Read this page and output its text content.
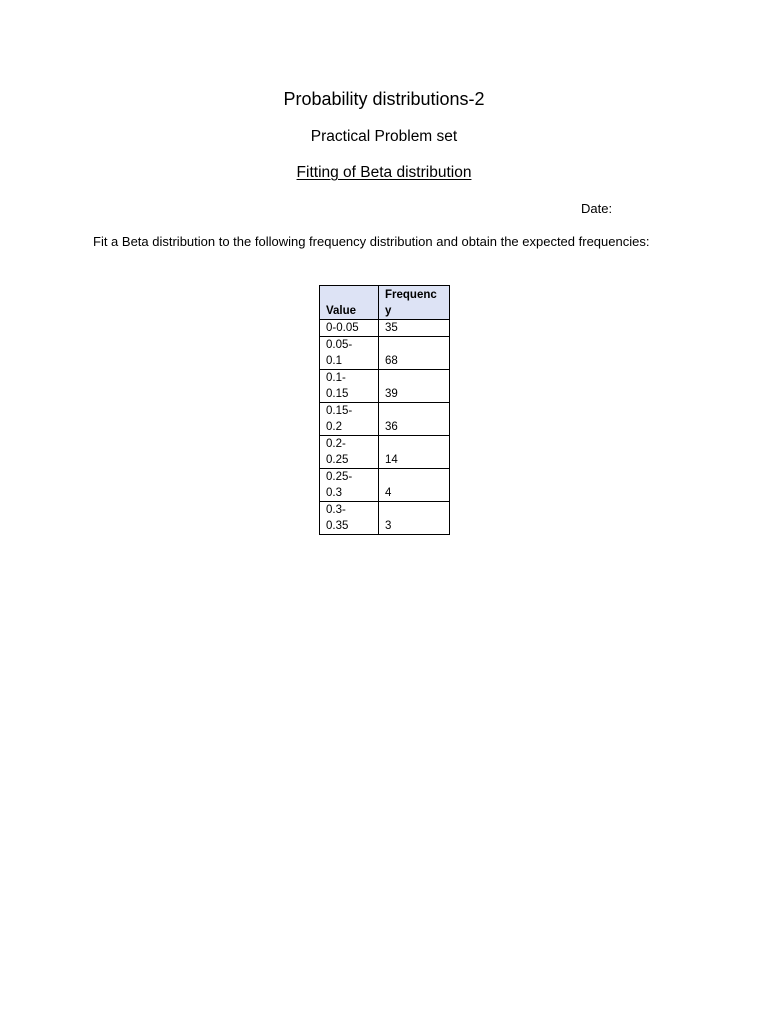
Probability distributions-2
Practical Problem set
Fitting of Beta distribution
Date:
Fit a Beta distribution to the following frequency distribution and obtain the expected frequencies:
Value	Frequenc
y
0-0.05	35
0.05-
0.1	68
0.1-
0.15	39
0.15-
0.2	36
0.2-
0.25	14
0.25-
0.3	4
0.3-
0.35	3
